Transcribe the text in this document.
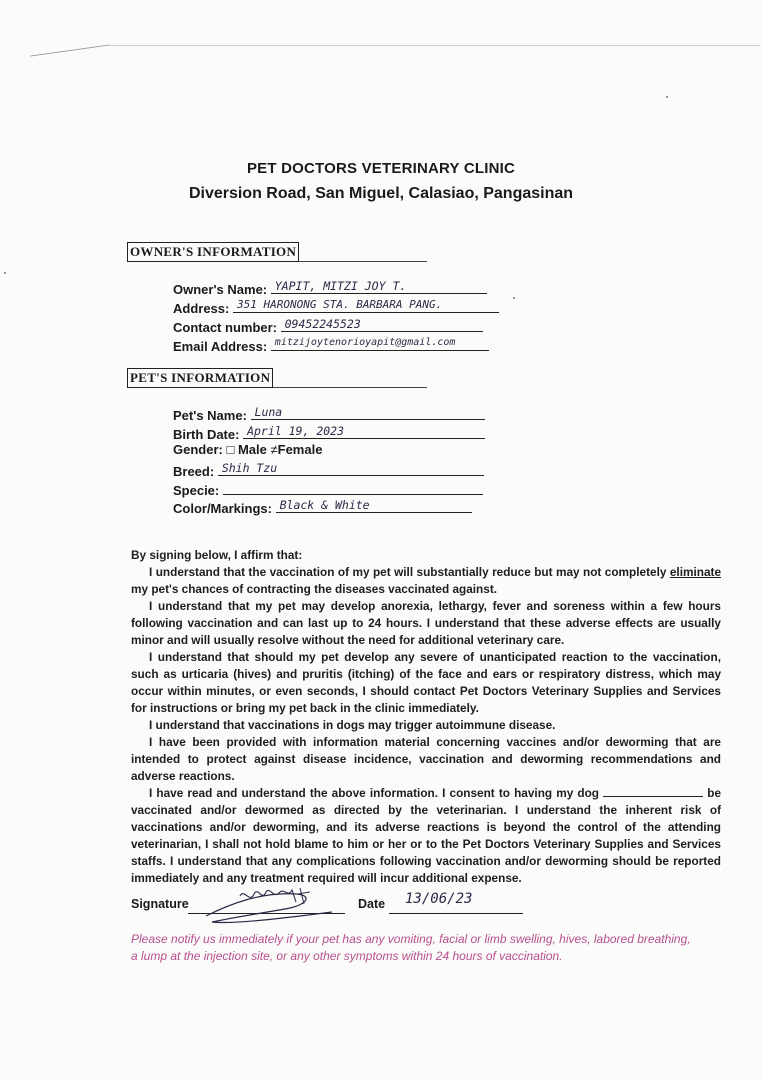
PET DOCTORS VETERINARY CLINIC
Diversion Road, San Miguel, Calasiao, Pangasinan
OWNER'S INFORMATION
Owner's Name: YAPIT, MITZI JOY T.
Address: 351 HARONONG STA. BARBARA PANG.
Contact number: 09452245523
Email Address: mitzijoytenorioyapit@gmail.com
PET'S INFORMATION
Pet's Name: Luna
Birth Date: April 19, 2023
Gender: □ Male ≠Female
Breed: Shih Tzu
Specie:
Color/Markings: Black & White

By signing below, I affirm that:

I understand that the vaccination of my pet will substantially reduce but may not completely eliminate my pet's chances of contracting the diseases vaccinated against.

I understand that my pet may develop anorexia, lethargy, fever and soreness within a few hours following vaccination and can last up to 24 hours. I understand that these adverse effects are usually minor and will usually resolve without the need for additional veterinary care.

I understand that should my pet develop any severe of unanticipated reaction to the vaccination, such as urticaria (hives) and pruritis (itching) of the face and ears or respiratory distress, which may occur within minutes, or even seconds, I should contact Pet Doctors Veterinary Supplies and Services for instructions or bring my pet back in the clinic immediately.

I understand that vaccinations in dogs may trigger autoimmune disease.

I have been provided with information material concerning vaccines and/or deworming that are intended to protect against disease incidence, vaccination and deworming recommendations and adverse reactions.

I have read and understand the above information. I consent to having my dog	be vaccinated and/or dewormed as directed by the veterinarian. I understand the inherent risk of vaccinations and/or deworming, and its adverse reactions is beyond the control of the attending veterinarian, I shall not hold blame to him or her or to the Pet Doctors Veterinary Supplies and Services staffs. I understand that any complications following vaccination and/or deworming should be reported immediately and any treatment required will incur additional expense.

Signature	Date 13/06/23
Please notify us immediately if your pet has any vomiting, facial or limb swelling, hives, labored breathing, a lump at the injection site, or any other symptoms within 24 hours of vaccination.
